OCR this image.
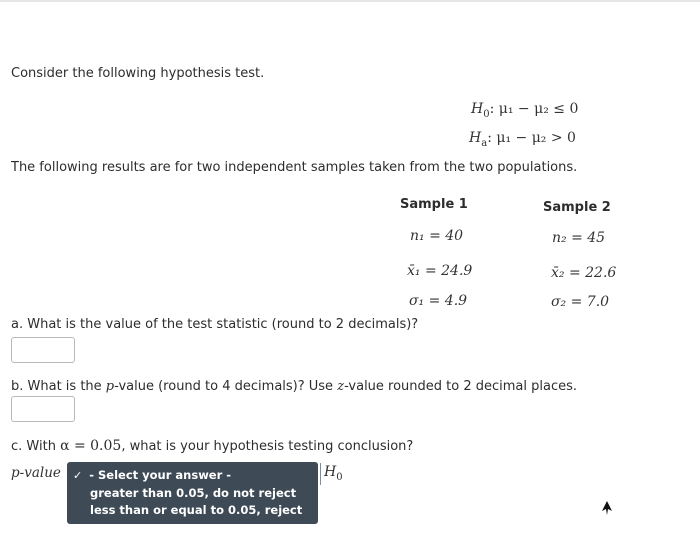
Consider the following hypothesis test.
$H_0$: μ₁ − μ₂ ≤ 0
$H_a$: μ₁ − μ₂ > 0
The following results are for two independent samples taken from the two populations.
Sample 1	Sample 2
n₁ = 40	n₂ = 45
x̄₁ = 24.9	x̄₂ = 22.6
σ₁ = 4.9	σ₂ = 7.0
a. What is the value of the test statistic (round to 2 decimals)?
b. What is the p-value (round to 4 decimals)? Use z-value rounded to 2 decimal places.
c. With α = 0.05, what is your hypothesis testing conclusion?
p-value ✓ - Select your answer -
greater than 0.05, do not reject
less than or equal to 0.05, reject
$H_0$
